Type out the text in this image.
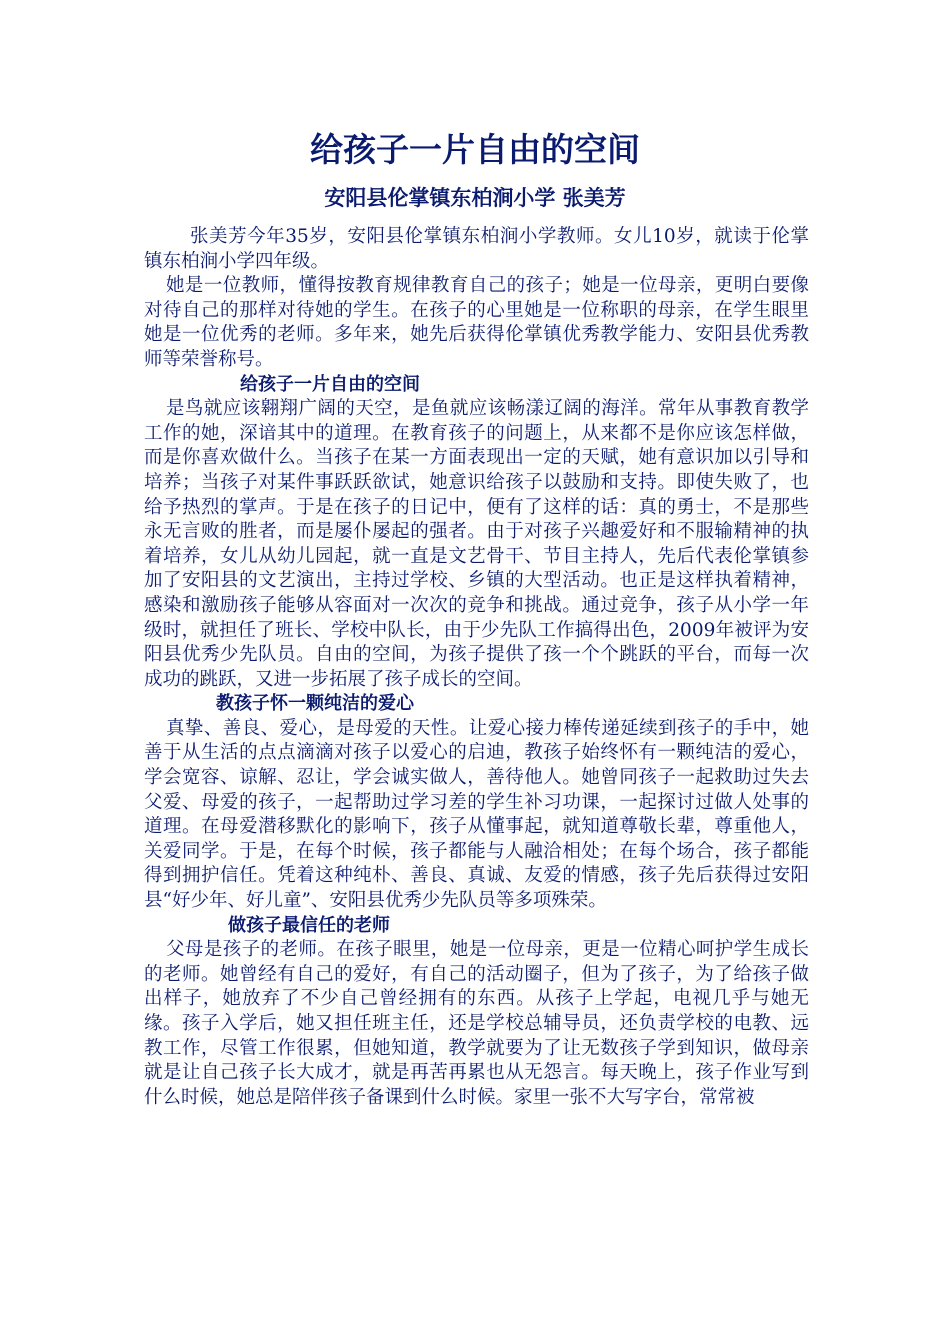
给孩子一片自由的空间
安阳县伦掌镇东柏涧小学 张美芳

张美芳今年35岁，安阳县伦掌镇东柏涧小学教师。女儿10岁，就读于伦掌镇东柏涧小学四年级。

她是一位教师，懂得按教育规律教育自己的孩子；她是一位母亲，更明白要像对待自己的那样对待她的学生。在孩子的心里她是一位称职的母亲，在学生眼里她是一位优秀的老师。多年来，她先后获得伦掌镇优秀教学能力、安阳县优秀教师等荣誉称号。

给孩子一片自由的空间

是鸟就应该翱翔广阔的天空，是鱼就应该畅漾辽阔的海洋。常年从事教育教学工作的她，深谙其中的道理。在教育孩子的问题上，从来都不是你应该怎样做，而是你喜欢做什么。当孩子在某一方面表现出一定的天赋，她有意识加以引导和培养；当孩子对某件事跃跃欲试，她意识给孩子以鼓励和支持。即使失败了，也给予热烈的掌声。于是在孩子的日记中，便有了这样的话：真的勇士，不是那些永无言败的胜者，而是屡仆屡起的强者。由于对孩子兴趣爱好和不服输精神的执着培养，女儿从幼儿园起，就一直是文艺骨干、节目主持人，先后代表伦掌镇参加了安阳县的文艺演出，主持过学校、乡镇的大型活动。也正是这样执着精神，感染和激励孩子能够从容面对一次次的竞争和挑战。通过竞争，孩子从小学一年级时，就担任了班长、学校中队长，由于少先队工作搞得出色，2009年被评为安阳县优秀少先队员。自由的空间，为孩子提供了孩一个个跳跃的平台，而每一次成功的跳跃，又进一步拓展了孩子成长的空间。

教孩子怀一颗纯洁的爱心

真挚、善良、爱心，是母爱的天性。让爱心接力棒传递延续到孩子的手中，她善于从生活的点点滴滴对孩子以爱心的启迪，教孩子始终怀有一颗纯洁的爱心，学会宽容、谅解、忍让，学会诚实做人，善待他人。她曾同孩子一起救助过失去父爱、母爱的孩子，一起帮助过学习差的学生补习功课，一起探讨过做人处事的道理。在母爱潜移默化的影响下，孩子从懂事起，就知道尊敬长辈，尊重他人，关爱同学。于是，在每个时候，孩子都能与人融洽相处；在每个场合，孩子都能得到拥护信任。凭着这种纯朴、善良、真诚、友爱的情感，孩子先后获得过安阳县“好少年、好儿童”、安阳县优秀少先队员等多项殊荣。

做孩子最信任的老师

父母是孩子的老师。在孩子眼里，她是一位母亲，更是一位精心呵护学生成长的老师。她曾经有自己的爱好，有自己的活动圈子，但为了孩子，为了给孩子做出样子，她放弃了不少自己曾经拥有的东西。从孩子上学起，电视几乎与她无缘。孩子入学后，她又担任班主任，还是学校总辅导员，还负责学校的电教、远教工作，尽管工作很累，但她知道，教学就要为了让无数孩子学到知识，做母亲就是让自己孩子长大成才，就是再苦再累也从无怨言。每天晚上，孩子作业写到什么时候，她总是陪伴孩子备课到什么时候。家里一张不大写字台，常常被
